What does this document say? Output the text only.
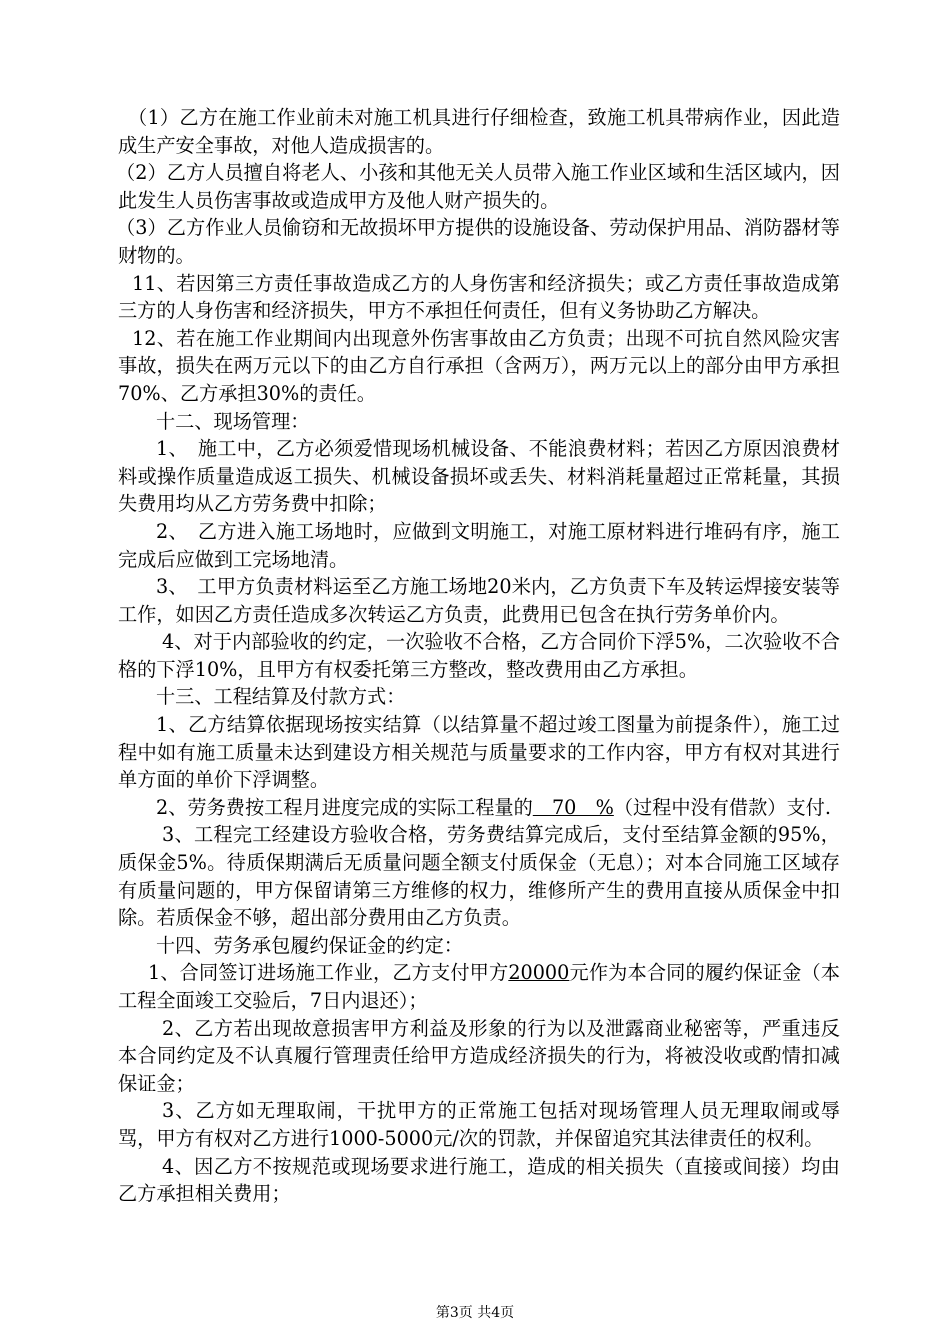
（1）乙方在施工作业前未对施工机具进行仔细检查，致施工机具带病作业，因此造成生产安全事故，对他人造成损害的。

（2）乙方人员擅自将老人、小孩和其他无关人员带入施工作业区域和生活区域内，因此发生人员伤害事故或造成甲方及他人财产损失的。

（3）乙方作业人员偷窃和无故损坏甲方提供的设施设备、劳动保护用品、消防器材等财物的。

11、若因第三方责任事故造成乙方的人身伤害和经济损失；或乙方责任事故造成第三方的人身伤害和经济损失，甲方不承担任何责任，但有义务协助乙方解决。

12、若在施工作业期间内出现意外伤害事故由乙方负责；出现不可抗自然风险灾害事故，损失在两万元以下的由乙方自行承担（含两万），两万元以上的部分由甲方承担70%、乙方承担30%的责任。

十二、现场管理：

1、　施工中，乙方必须爱惜现场机械设备、不能浪费材料；若因乙方原因浪费材料或操作质量造成返工损失、机械设备损坏或丢失、材料消耗量超过正常耗量，其损失费用均从乙方劳务费中扣除；

2、　乙方进入施工场地时，应做到文明施工，对施工原材料进行堆码有序，施工完成后应做到工完场地清。

3、　工甲方负责材料运至乙方施工场地20米内，乙方负责下车及转运焊接安装等工作，如因乙方责任造成多次转运乙方负责，此费用已包含在执行劳务单价内。

4、对于内部验收的约定，一次验收不合格，乙方合同价下浮5%，二次验收不合格的下浮10%，且甲方有权委托第三方整改，整改费用由乙方承担。

十三、工程结算及付款方式：

1、乙方结算依据现场按实结算（以结算量不超过竣工图量为前提条件），施工过程中如有施工质量未达到建设方相关规范与质量要求的工作内容，甲方有权对其进行单方面的单价下浮调整。

2、劳务费按工程月进度完成的实际工程量的　70　%（过程中没有借款）支付.

3、工程完工经建设方验收合格，劳务费结算完成后，支付至结算金额的95%，质保金5%。待质保期满后无质量问题全额支付质保金（无息）；对本合同施工区域存有质量问题的，甲方保留请第三方维修的权力，维修所产生的费用直接从质保金中扣除。若质保金不够，超出部分费用由乙方负责。

十四、劳务承包履约保证金的约定：

1、合同签订进场施工作业，乙方支付甲方20000元作为本合同的履约保证金（本工程全面竣工交验后，7日内退还）；

2、乙方若出现故意损害甲方利益及形象的行为以及泄露商业秘密等，严重违反本合同约定及不认真履行管理责任给甲方造成经济损失的行为，将被没收或酌情扣减保证金；

3、乙方如无理取闹，干扰甲方的正常施工包括对现场管理人员无理取闹或辱骂，甲方有权对乙方进行1000-5000元/次的罚款，并保留追究其法律责任的权利。

4、因乙方不按规范或现场要求进行施工，造成的相关损失（直接或间接）均由乙方承担相关费用；

第3页 共4页
